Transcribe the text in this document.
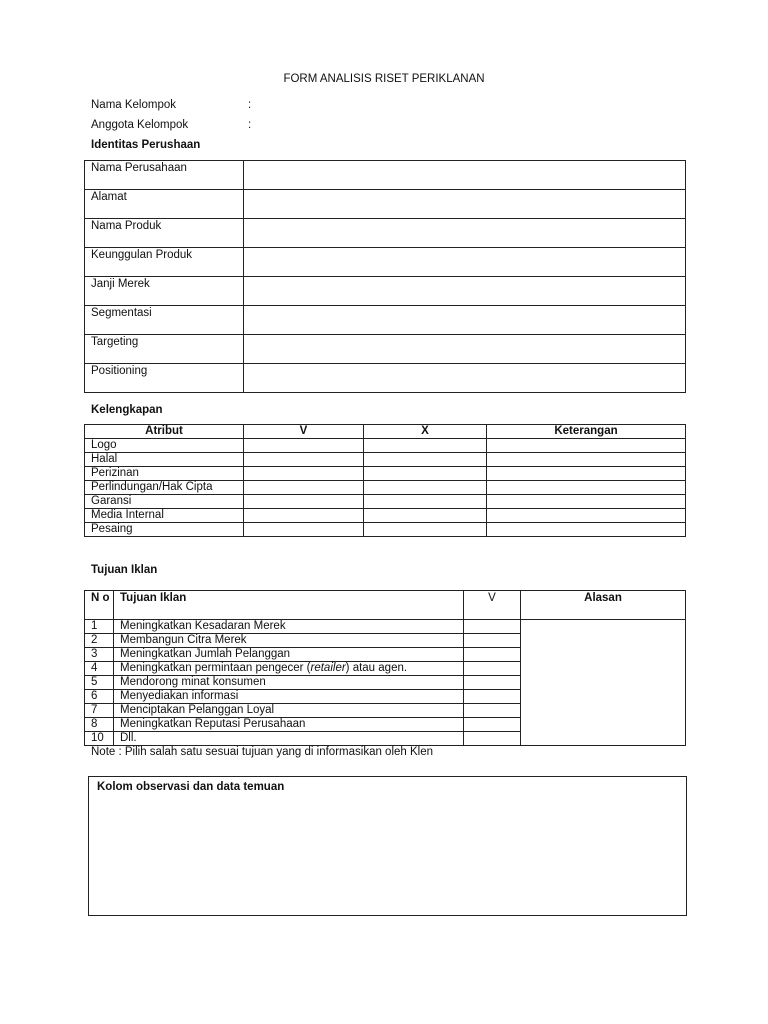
FORM ANALISIS RISET PERIKLANAN
Nama Kelompok	:
Anggota Kelompok	:
Identitas Perushaan
Nama Perusahaan	
Alamat	
Nama Produk	
Keunggulan Produk	
Janji Merek	
Segmentasi	
Targeting	
Positioning	
Kelengkapan
Atribut	V	X	Keterangan
Logo			
Halal			
Perizinan			
Perlindungan/Hak Cipta			
Garansi			
Media Internal			
Pesaing			
Tujuan Iklan
N o	Tujuan Iklan	V	Alasan
1	Meningkatkan Kesadaran Merek		
2	Membangun Citra Merek		
3	Meningkatkan Jumlah Pelanggan		
4	Meningkatkan permintaan pengecer (retailer) atau agen.		
5	Mendorong minat konsumen		
6	Menyediakan informasi		
7	Menciptakan Pelanggan Loyal		
8	Meningkatkan Reputasi Perusahaan		
10	Dll.		
Note : Pilih salah satu sesuai tujuan yang di informasikan oleh Klen
Kolom observasi dan data temuan
